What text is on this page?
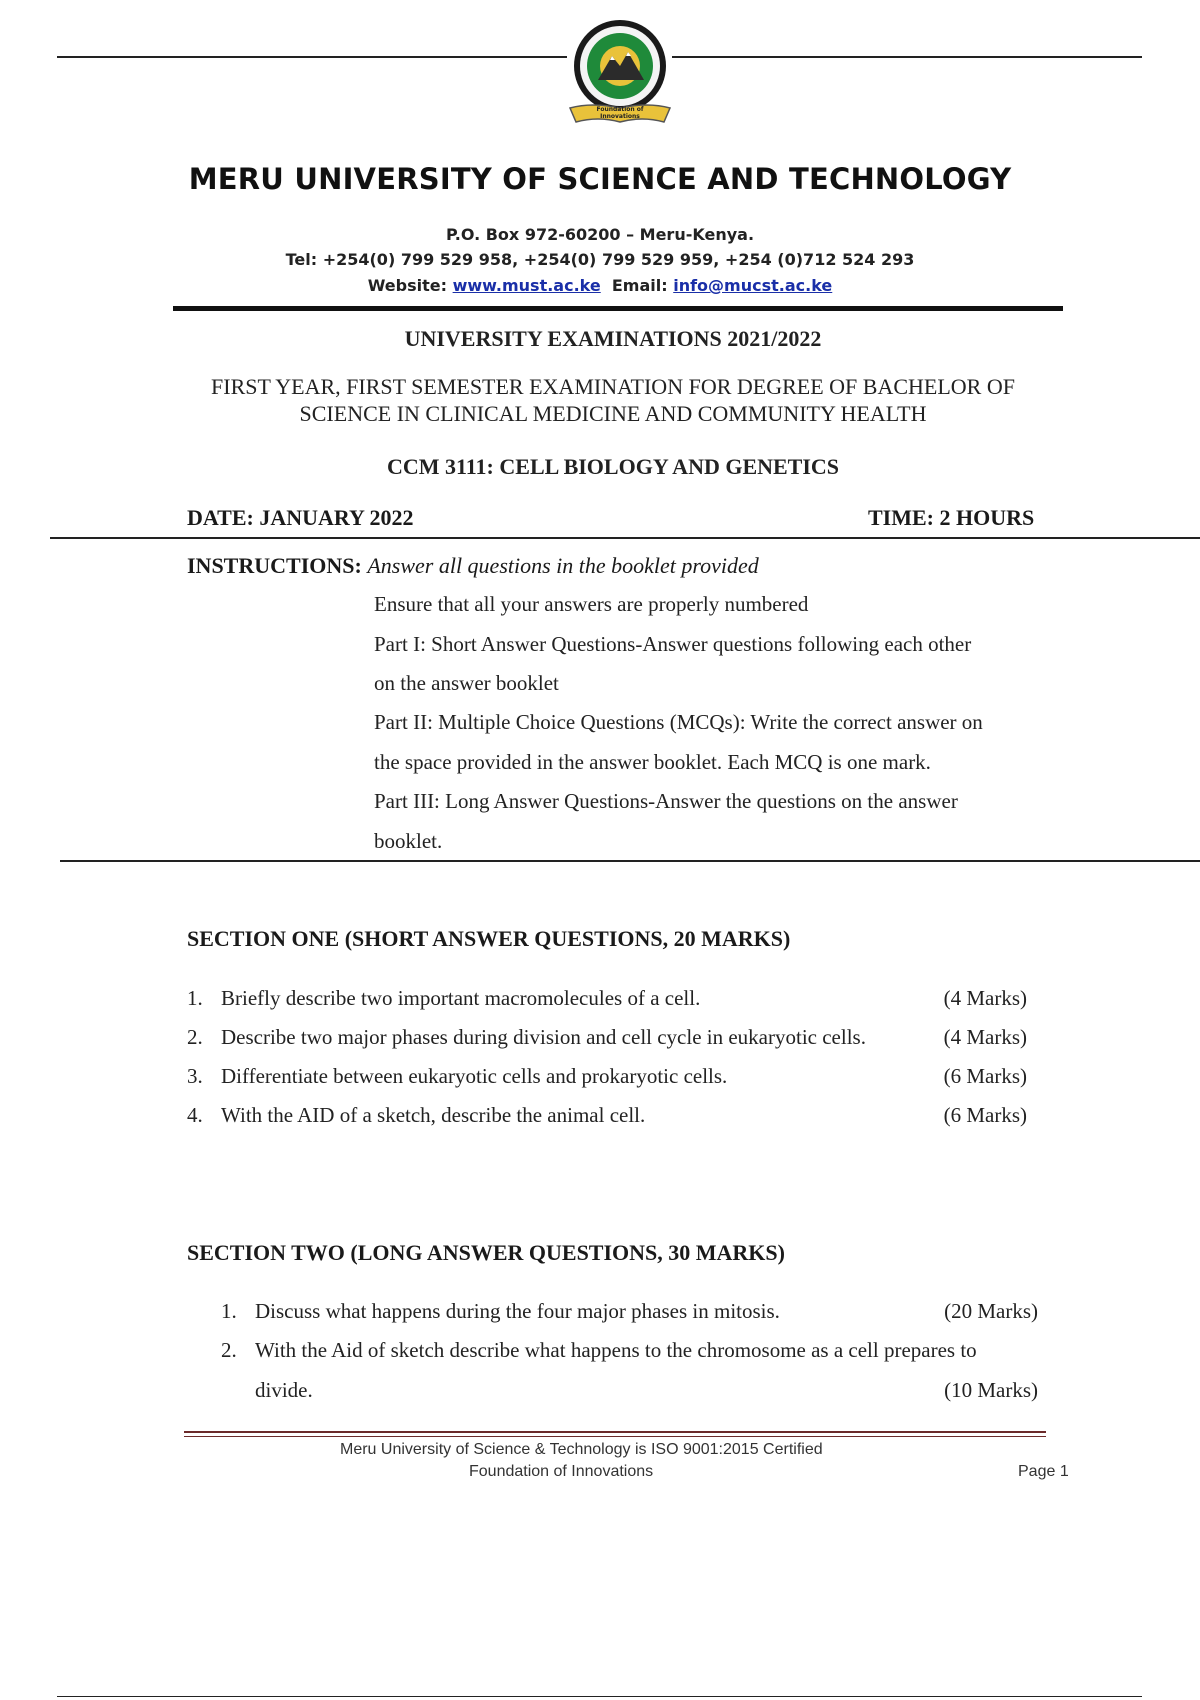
Foundation of Innovations
MERU UNIVERSITY OF SCIENCE AND TECHNOLOGY
P.O. Box 972-60200 – Meru-Kenya.
Tel: +254(0) 799 529 958, +254(0) 799 529 959, +254 (0)712 524 293
Website: www.must.ac.ke Email: info@mucst.ac.ke
UNIVERSITY EXAMINATIONS 2021/2022
FIRST YEAR, FIRST SEMESTER EXAMINATION FOR DEGREE OF BACHELOR OF
SCIENCE IN CLINICAL MEDICINE AND COMMUNITY HEALTH
CCM 3111: CELL BIOLOGY AND GENETICS
DATE: JANUARY 2022	TIME: 2 HOURS
INSTRUCTIONS: Answer all questions in the booklet provided
Ensure that all your answers are properly numbered
Part I: Short Answer Questions-Answer questions following each other
on the answer booklet
Part II: Multiple Choice Questions (MCQs): Write the correct answer on
the space provided in the answer booklet. Each MCQ is one mark.
Part III: Long Answer Questions-Answer the questions on the answer
booklet.
SECTION ONE (SHORT ANSWER QUESTIONS, 20 MARKS)
1. Briefly describe two important macromolecules of a cell.	(4 Marks)
2. Describe two major phases during division and cell cycle in eukaryotic cells.	(4 Marks)
3. Differentiate between eukaryotic cells and prokaryotic cells.	(6 Marks)
4. With the AID of a sketch, describe the animal cell.	(6 Marks)
SECTION TWO (LONG ANSWER QUESTIONS, 30 MARKS)
1. Discuss what happens during the four major phases in mitosis.	(20 Marks)
2. With the Aid of sketch describe what happens to the chromosome as a cell prepares to
divide.	(10 Marks)
Meru University of Science & Technology is ISO 9001:2015 Certified
Foundation of Innovations	Page 1
